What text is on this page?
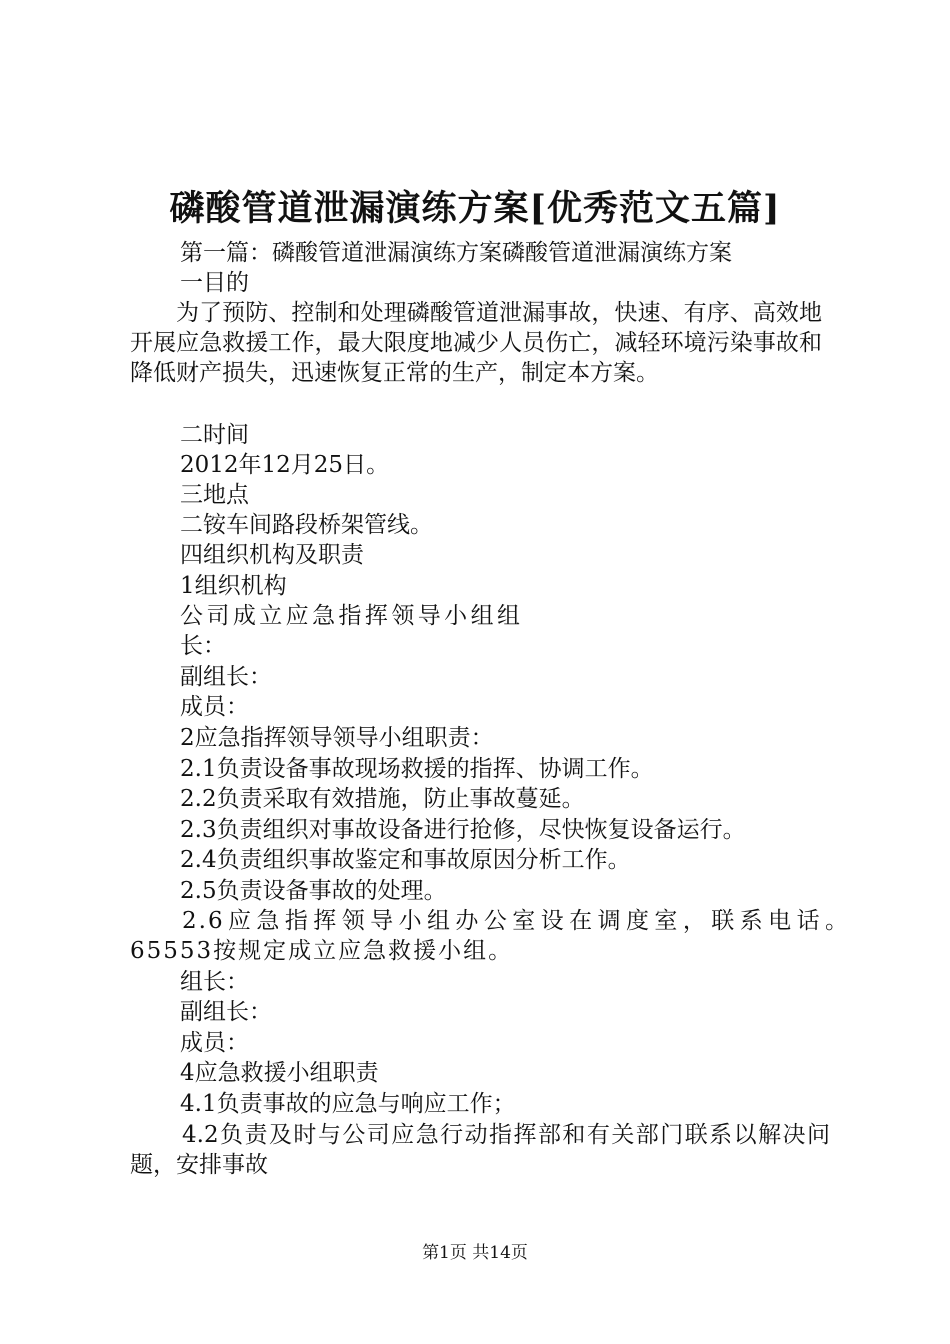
磷酸管道泄漏演练方案[优秀范文五篇]
第一篇：磷酸管道泄漏演练方案磷酸管道泄漏演练方案
一目的
为了预防、控制和处理磷酸管道泄漏事故，快速、有序、高效地开展应急救援工作，最大限度地减少人员伤亡，减轻环境污染事故和降低财产损失，迅速恢复正常的生产，制定本方案。
二时间
2012年12月25日。
三地点
二铵车间路段桥架管线。
四组织机构及职责
1组织机构
公司成立应急指挥领导小组组长：
副组长：
成员：
2应急指挥领导领导小组职责：
2.1负责设备事故现场救援的指挥、协调工作。
2.2负责采取有效措施，防止事故蔓延。
2.3负责组织对事故设备进行抢修，尽快恢复设备运行。
2.4负责组织事故鉴定和事故原因分析工作。
2.5负责设备事故的处理。
2.6应急指挥领导小组办公室设在调度室，联系电话。65553按规定成立应急救援小组。
组长：
副组长：
成员：
4应急救援小组职责
4.1负责事故的应急与响应工作；
4.2负责及时与公司应急行动指挥部和有关部门联系以解决问题，安排事故
第1页 共14页
